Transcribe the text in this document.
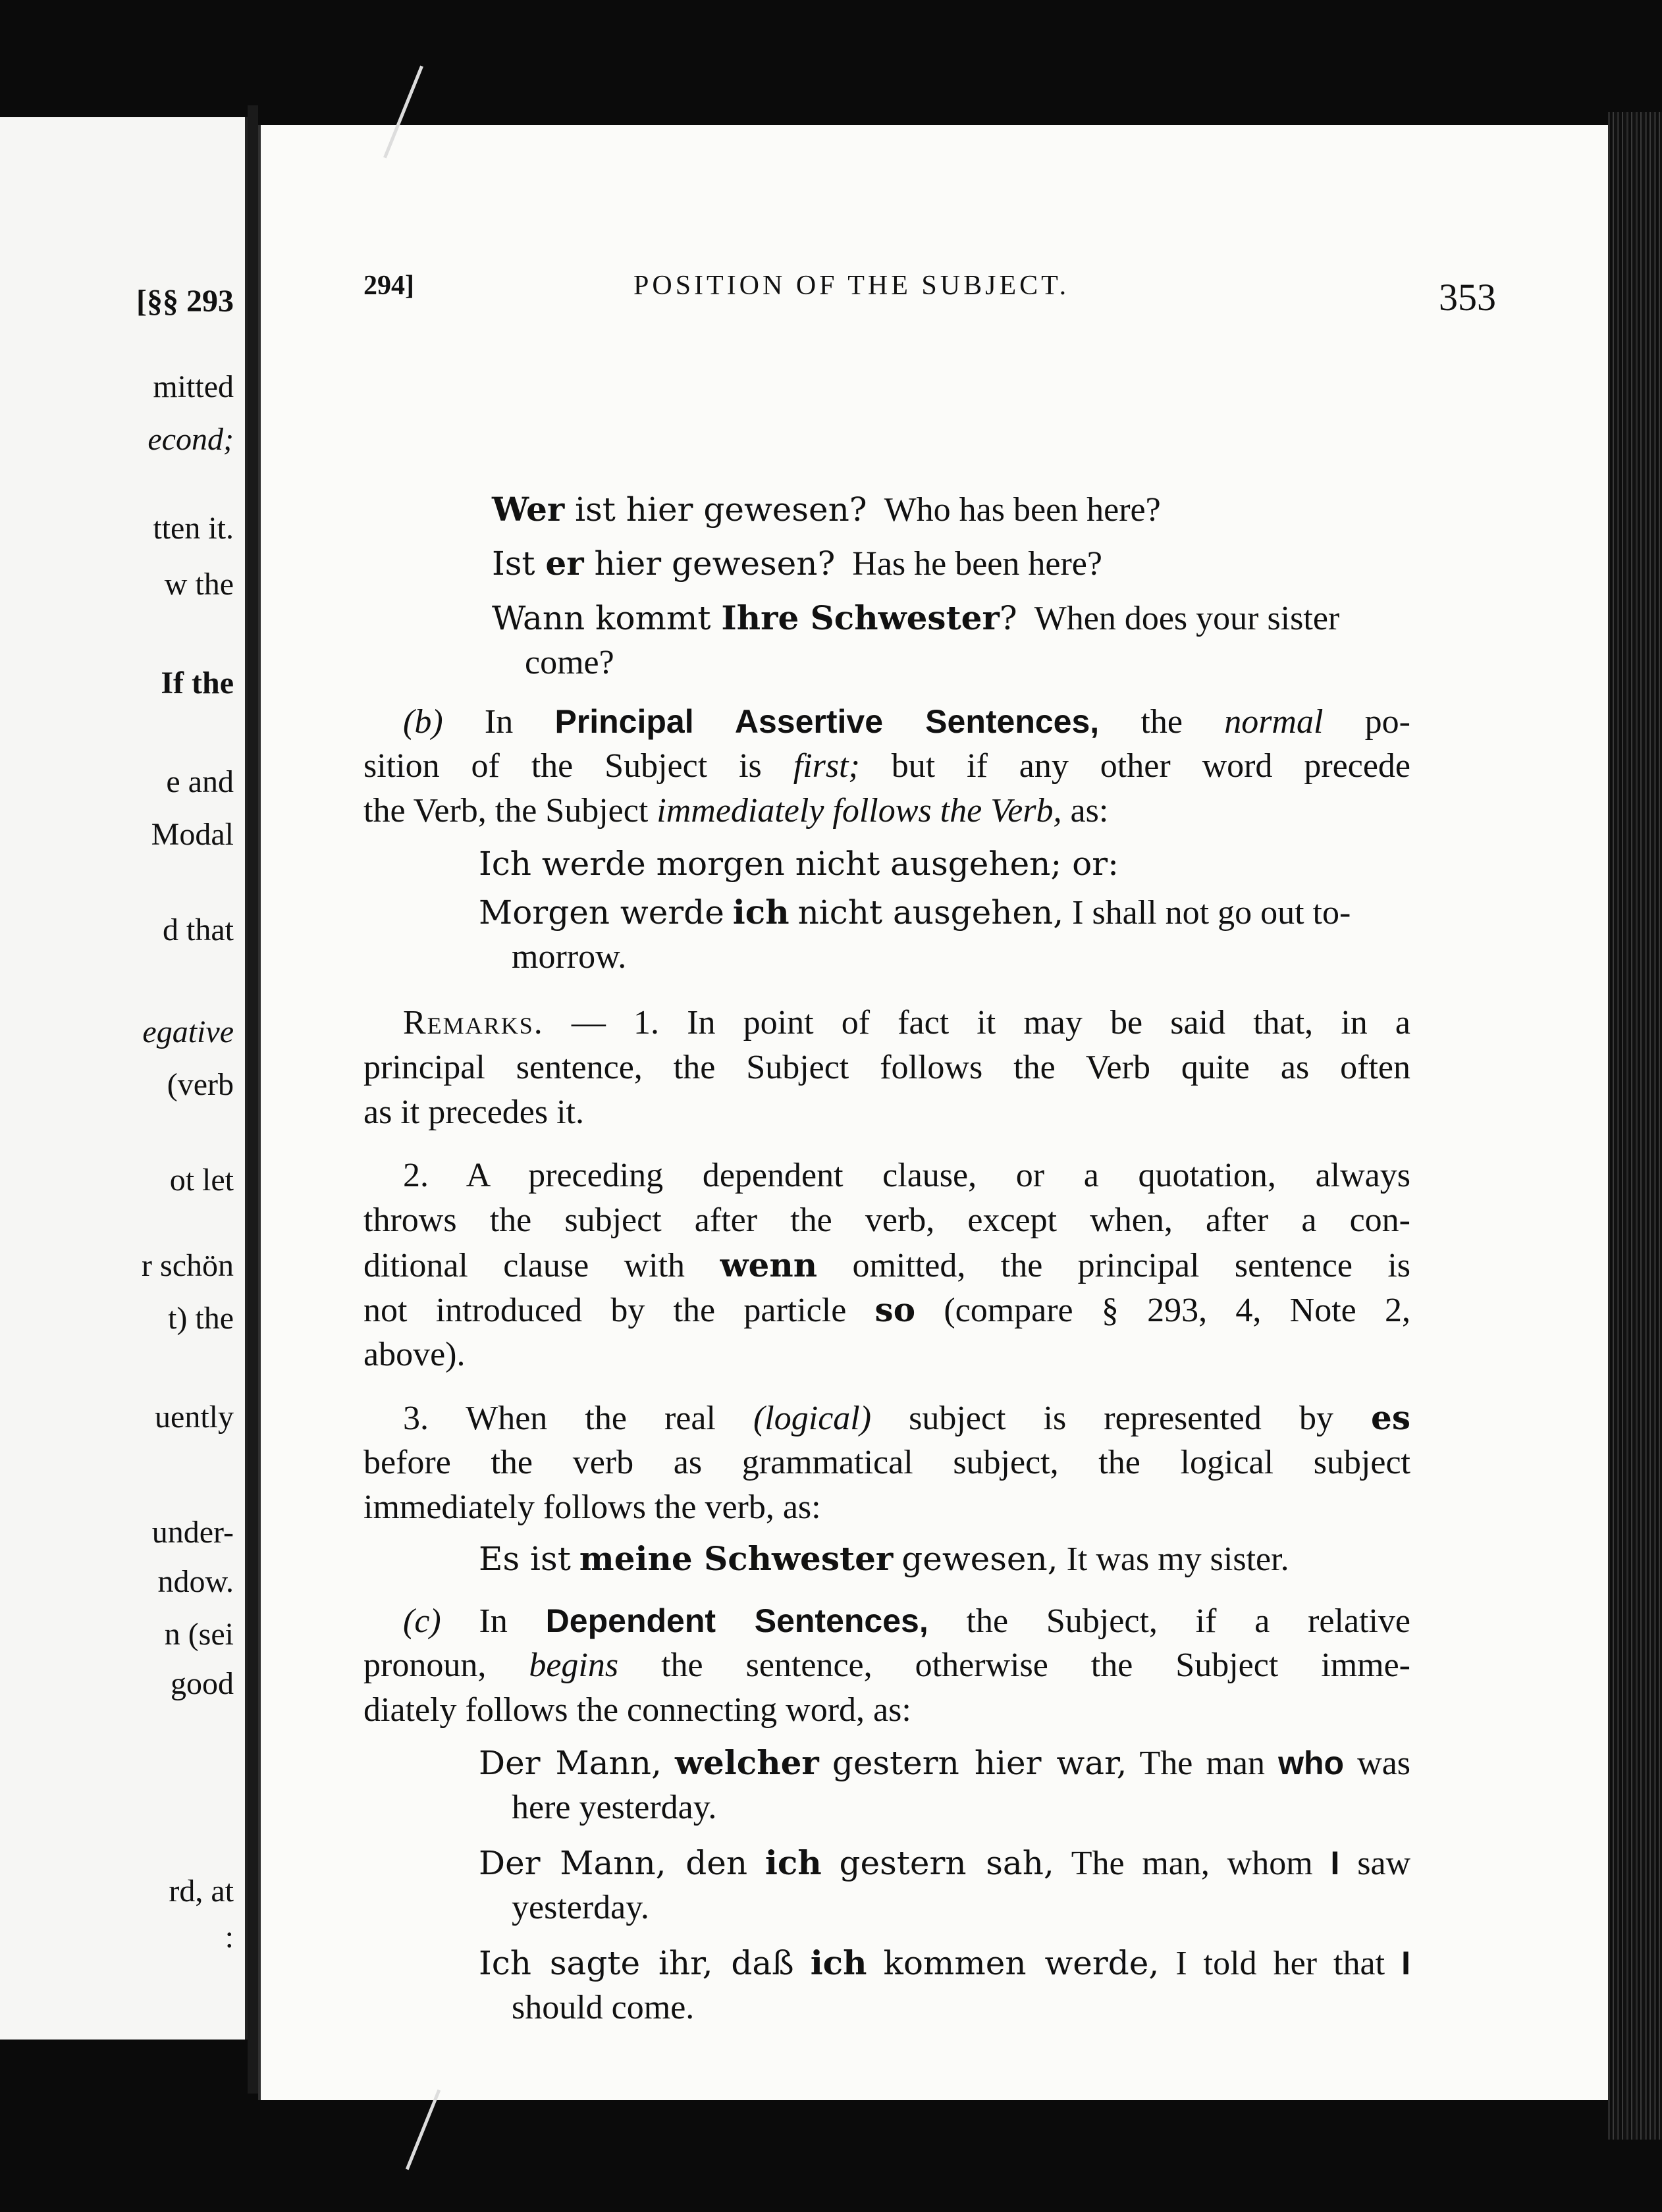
[§§ 293
mitted
econd;
tten it.
w the
If the
e and
Modal
d that
egative
(verb
ot let
r schön
t) the
uently
under-
ndow.
n (sei
good
rd, at
:
294]	POSITION OF THE SUBJECT.	353
Wer ist hier gewesen? Who has been here?
Ist er hier gewesen? Has he been here?
Wann kommt Ihre Schwester? When does your sister
come?
(b) In Principal Assertive Sentences, the normal po-
sition of the Subject is first; but if any other word precede
the Verb, the Subject immediately follows the Verb, as:
Ich werde morgen nicht ausgehen; or:
Morgen werde ich nicht ausgehen, I shall not go out to-
morrow.
Remarks. — 1. In point of fact it may be said that, in a
principal sentence, the Subject follows the Verb quite as often
as it precedes it.
2. A preceding dependent clause, or a quotation, always
throws the subject after the verb, except when, after a con-
ditional clause with wenn omitted, the principal sentence is
not introduced by the particle so (compare § 293, 4, Note 2,
above).
3. When the real (logical) subject is represented by es
before the verb as grammatical subject, the logical subject
immediately follows the verb, as:
Es ist meine Schwester gewesen, It was my sister.
(c) In Dependent Sentences, the Subject, if a relative
pronoun, begins the sentence, otherwise the Subject imme-
diately follows the connecting word, as:
Der Mann, welcher gestern hier war, The man who was
here yesterday.
Der Mann, den ich gestern sah, The man, whom I saw
yesterday.
Ich sagte ihr, daß ich kommen werde, I told her that I
should come.
